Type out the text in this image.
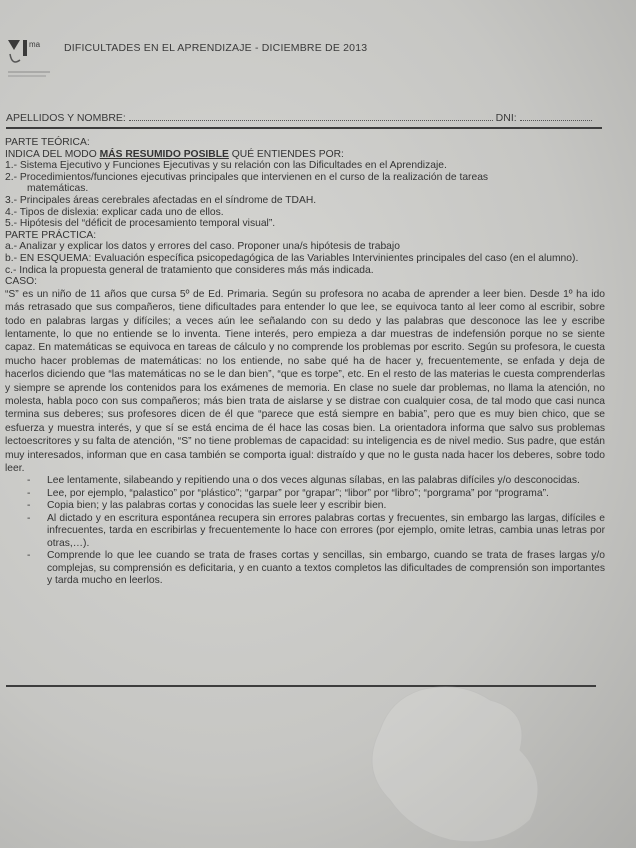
ma DIFICULTADES EN EL APRENDIZAJE - DICIEMBRE DE 2013
APELLIDOS Y NOMBRE:	DNI:

PARTE TEÓRICA:

INDICA DEL MODO MÁS RESUMIDO POSIBLE QUÉ ENTIENDES POR:

1.- Sistema Ejecutivo y Funciones Ejecutivas y su relación con las Dificultades en el Aprendizaje.

2.- Procedimientos/funciones ejecutivas principales que intervienen en el curso de la realización de tareas

matemáticas.

3.- Principales áreas cerebrales afectadas en el síndrome de TDAH.

4.- Tipos de dislexia: explicar cada uno de ellos.

5.- Hipótesis del “déficit de procesamiento temporal visual”.

PARTE PRÁCTICA:

a.- Analizar y explicar los datos y errores del caso. Proponer una/s hipótesis de trabajo

b.- EN ESQUEMA: Evaluación específica psicopedagógica de las Variables Intervinientes principales del caso (en el alumno).

c.- Indica la propuesta general de tratamiento que consideres más más indicada.

CASO:

“S” es un niño de 11 años que cursa 5º de Ed. Primaria. Según su profesora no acaba de aprender a leer bien. Desde 1º ha ido más retrasado que sus compañeros, tiene dificultades para entender lo que lee, se equivoca tanto al leer como al escribir, sobre todo en palabras largas y difíciles; a veces aún lee señalando con su dedo y las palabras que desconoce las lee y escribe lentamente, lo que no entiende se lo inventa. Tiene interés, pero empieza a dar muestras de indefensión porque no se siente capaz. En matemáticas se equivoca en tareas de cálculo y no comprende los problemas por escrito. Según su profesora, le cuesta mucho hacer problemas de matemáticas: no los entiende, no sabe qué ha de hacer y, frecuentemente, se enfada y deja de hacerlos diciendo que “las matemáticas no se le dan bien”, “que es torpe”, etc. En el resto de las materias le cuesta comprenderlas y siempre se aprende los contenidos para los exámenes de memoria. En clase no suele dar problemas, no llama la atención, no molesta, habla poco con sus compañeros; más bien trata de aislarse y se distrae con cualquier cosa, de tal modo que casi nunca termina sus deberes; sus profesores dicen de él que “parece que está siempre en babia”, pero que es muy bien chico, que se esfuerza y muestra interés, y que sí se está encima de él hace las cosas bien. La orientadora informa que salvo sus problemas lectoescritores y su falta de atención, “S” no tiene problemas de capacidad: su inteligencia es de nivel medio. Sus padre, que están muy interesados, informan que en casa también se comporta igual: distraído y que no le gusta nada hacer los deberes, sobre todo leer.

- Lee lentamente, silabeando y repitiendo una o dos veces algunas sílabas, en las palabras difíciles y/o desconocidas.
- Lee, por ejemplo, “palastico” por “plástico”; “garpar” por “grapar”; “libor” por “libro”; “porgrama” por “programa”.
- Copia bien; y las palabras cortas y conocidas las suele leer y escribir bien.
- Al dictado y en escritura espontánea recupera sin errores palabras cortas y frecuentes, sin embargo las largas, difíciles e infrecuentes, tarda en escribirlas y frecuentemente lo hace con errores (por ejemplo, omite letras, cambia unas letras por otras,…).
- Comprende lo que lee cuando se trata de frases cortas y sencillas, sin embargo, cuando se trata de frases largas y/o complejas, su comprensión es deficitaria, y en cuanto a textos completos las dificultades de comprensión son importantes y tarda mucho en leerlos.
